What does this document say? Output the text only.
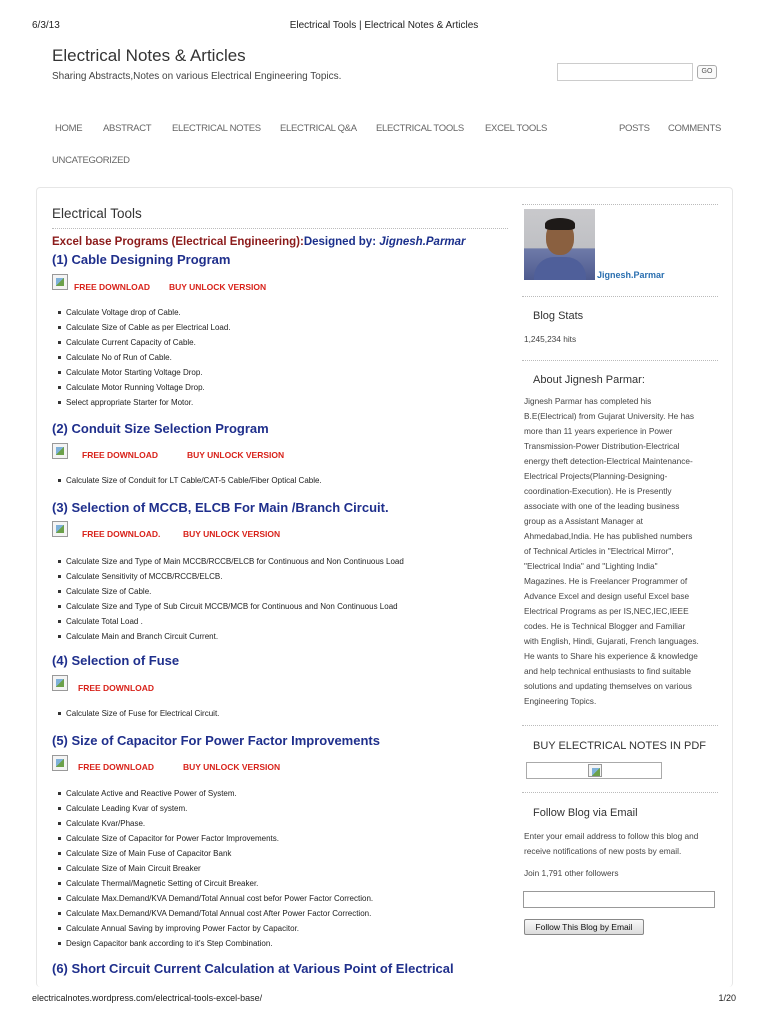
6/3/13	Electrical Tools | Electrical Notes & Articles
Electrical Notes & Articles
Sharing Abstracts,Notes on various Electrical Engineering Topics.	GO
HOME ABSTRACT ELECTRICAL NOTES ELECTRICAL Q&A ELECTRICAL TOOLS EXCEL TOOLS	POSTS COMMENTS
UNCATEGORIZED
Electrical Tools
Excel base Programs (Electrical Engineering):Designed by: Jignesh.Parmar
(1) Cable Designing Program
FREE DOWNLOAD BUY UNLOCK VERSION
Calculate Voltage drop of Cable.
Calculate Size of Cable as per Electrical Load.
Calculate Current Capacity of Cable.
Calculate No of Run of Cable.
Calculate Motor Starting Voltage Drop.
Calculate Motor Running Voltage Drop.
Select appropriate Starter for Motor.
(2) Conduit Size Selection Program
FREE DOWNLOAD	BUY UNLOCK VERSION
Calculate Size of Conduit for LT Cable/CAT-5 Cable/Fiber Optical Cable.
(3) Selection of MCCB, ELCB For Main /Branch Circuit.
FREE DOWNLOAD.	BUY UNLOCK VERSION
Calculate Size and Type of Main MCCB/RCCB/ELCB for Continuous and Non Continuous Load
Calculate Sensitivity of MCCB/RCCB/ELCB.
Calculate Size of Cable.
Calculate Size and Type of Sub Circuit MCCB/MCB for Continuous and Non Continuous Load
Calculate Total Load .
Calculate Main and Branch Circuit Current.
(4) Selection of Fuse
FREE DOWNLOAD
Calculate Size of Fuse for Electrical Circuit.
(5) Size of Capacitor For Power Factor Improvements
FREE DOWNLOAD	BUY UNLOCK VERSION
Calculate Active and Reactive Power of System.
Calculate Leading Kvar of system.
Calculate Kvar/Phase.
Calculate Size of Capacitor for Power Factor Improvements.
Calculate Size of Main Fuse of Capacitor Bank
Calculate Size of Main Circuit Breaker
Calculate Thermal/Magnetic Setting of Circuit Breaker.
Calculate Max.Demand/KVA Demand/Total Annual cost befor Power Factor Correction.
Calculate Max.Demand/KVA Demand/Total Annual cost After Power Factor Correction.
Calculate Annual Saving by improving Power Factor by Capacitor.
Design Capacitor bank according to it's Step Combination.
(6) Short Circuit Current Calculation at Various Point of Electrical
Jignesh.Parmar
Blog Stats
1,245,234 hits
About Jignesh Parmar:
Jignesh Parmar has completed his
B.E(Electrical) from Gujarat University. He has
more than 11 years experience in Power
Transmission-Power Distribution-Electrical
energy theft detection-Electrical Maintenance-
Electrical Projects(Planning-Designing-
coordination-Execution). He is Presently
associate with one of the leading business
group as a Assistant Manager at
Ahmedabad,India. He has published numbers
of Technical Articles in "Electrical Mirror",
"Electrical India" and "Lighting India"
Magazines. He is Freelancer Programmer of
Advance Excel and design useful Excel base
Electrical Programs as per IS,NEC,IEC,IEEE
codes. He is Technical Blogger and Familiar
with English, Hindi, Gujarati, French languages.
He wants to Share his experience & knowledge
and help technical enthusiasts to find suitable
solutions and updating themselves on various
Engineering Topics.
BUY ELECTRICAL NOTES IN PDF
Follow Blog via Email
Enter your email address to follow this blog and
receive notifications of new posts by email.
Join 1,791 other followers
Follow This Blog by Email
electricalnotes.wordpress.com/electrical-tools-excel-base/	1/20
